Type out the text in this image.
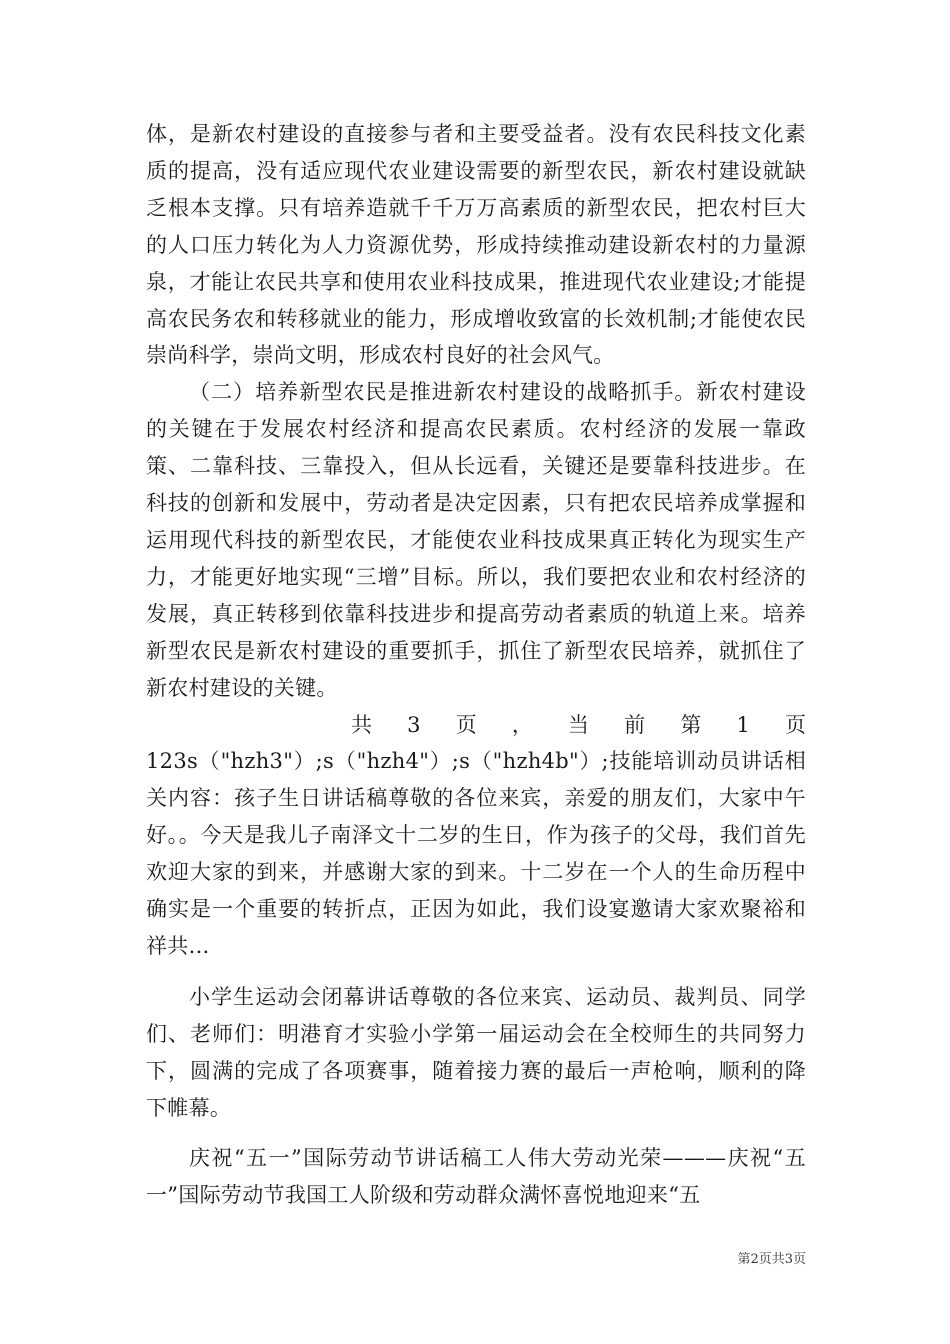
体，是新农村建设的直接参与者和主要受益者。没有农民科技文化素质的提高，没有适应现代农业建设需要的新型农民，新农村建设就缺乏根本支撑。只有培养造就千千万万高素质的新型农民，把农村巨大的人口压力转化为人力资源优势，形成持续推动建设新农村的力量源泉，才能让农民共享和使用农业科技成果，推进现代农业建设;才能提高农民务农和转移就业的能力，形成增收致富的长效机制;才能使农民崇尚科学，崇尚文明，形成农村良好的社会风气。

（二）培养新型农民是推进新农村建设的战略抓手。新农村建设的关键在于发展农村经济和提高农民素质。农村经济的发展一靠政策、二靠科技、三靠投入，但从长远看，关键还是要靠科技进步。在科技的创新和发展中，劳动者是决定因素，只有把农民培养成掌握和运用现代科技的新型农民，才能使农业科技成果真正转化为现实生产力，才能更好地实现“三增”目标。所以，我们要把农业和农村经济的发展，真正转移到依靠科技进步和提高劳动者素质的轨道上来。培养新型农民是新农村建设的重要抓手，抓住了新型农民培养，就抓住了新农村建设的关键。

共 3 页 ， 当 前 第 1 页

123s（"hzh3"）;s（"hzh4"）;s（"hzh4b"）;技能培训动员讲话相关内容：孩子生日讲话稿尊敬的各位来宾，亲爱的朋友们，大家中午好。。今天是我儿子南泽文十二岁的生日，作为孩子的父母，我们首先欢迎大家的到来，并感谢大家的到来。十二岁在一个人的生命历程中确实是一个重要的转折点，正因为如此，我们设宴邀请大家欢聚裕和祥共...

小学生运动会闭幕讲话尊敬的各位来宾、运动员、裁判员、同学们、老师们：明港育才实验小学第一届运动会在全校师生的共同努力下，圆满的完成了各项赛事，随着接力赛的最后一声枪响，顺利的降下帷幕。

庆祝“五一”国际劳动节讲话稿工人伟大劳动光荣———庆祝“五一”国际劳动节我国工人阶级和劳动群众满怀喜悦地迎来“五

第2页共3页
